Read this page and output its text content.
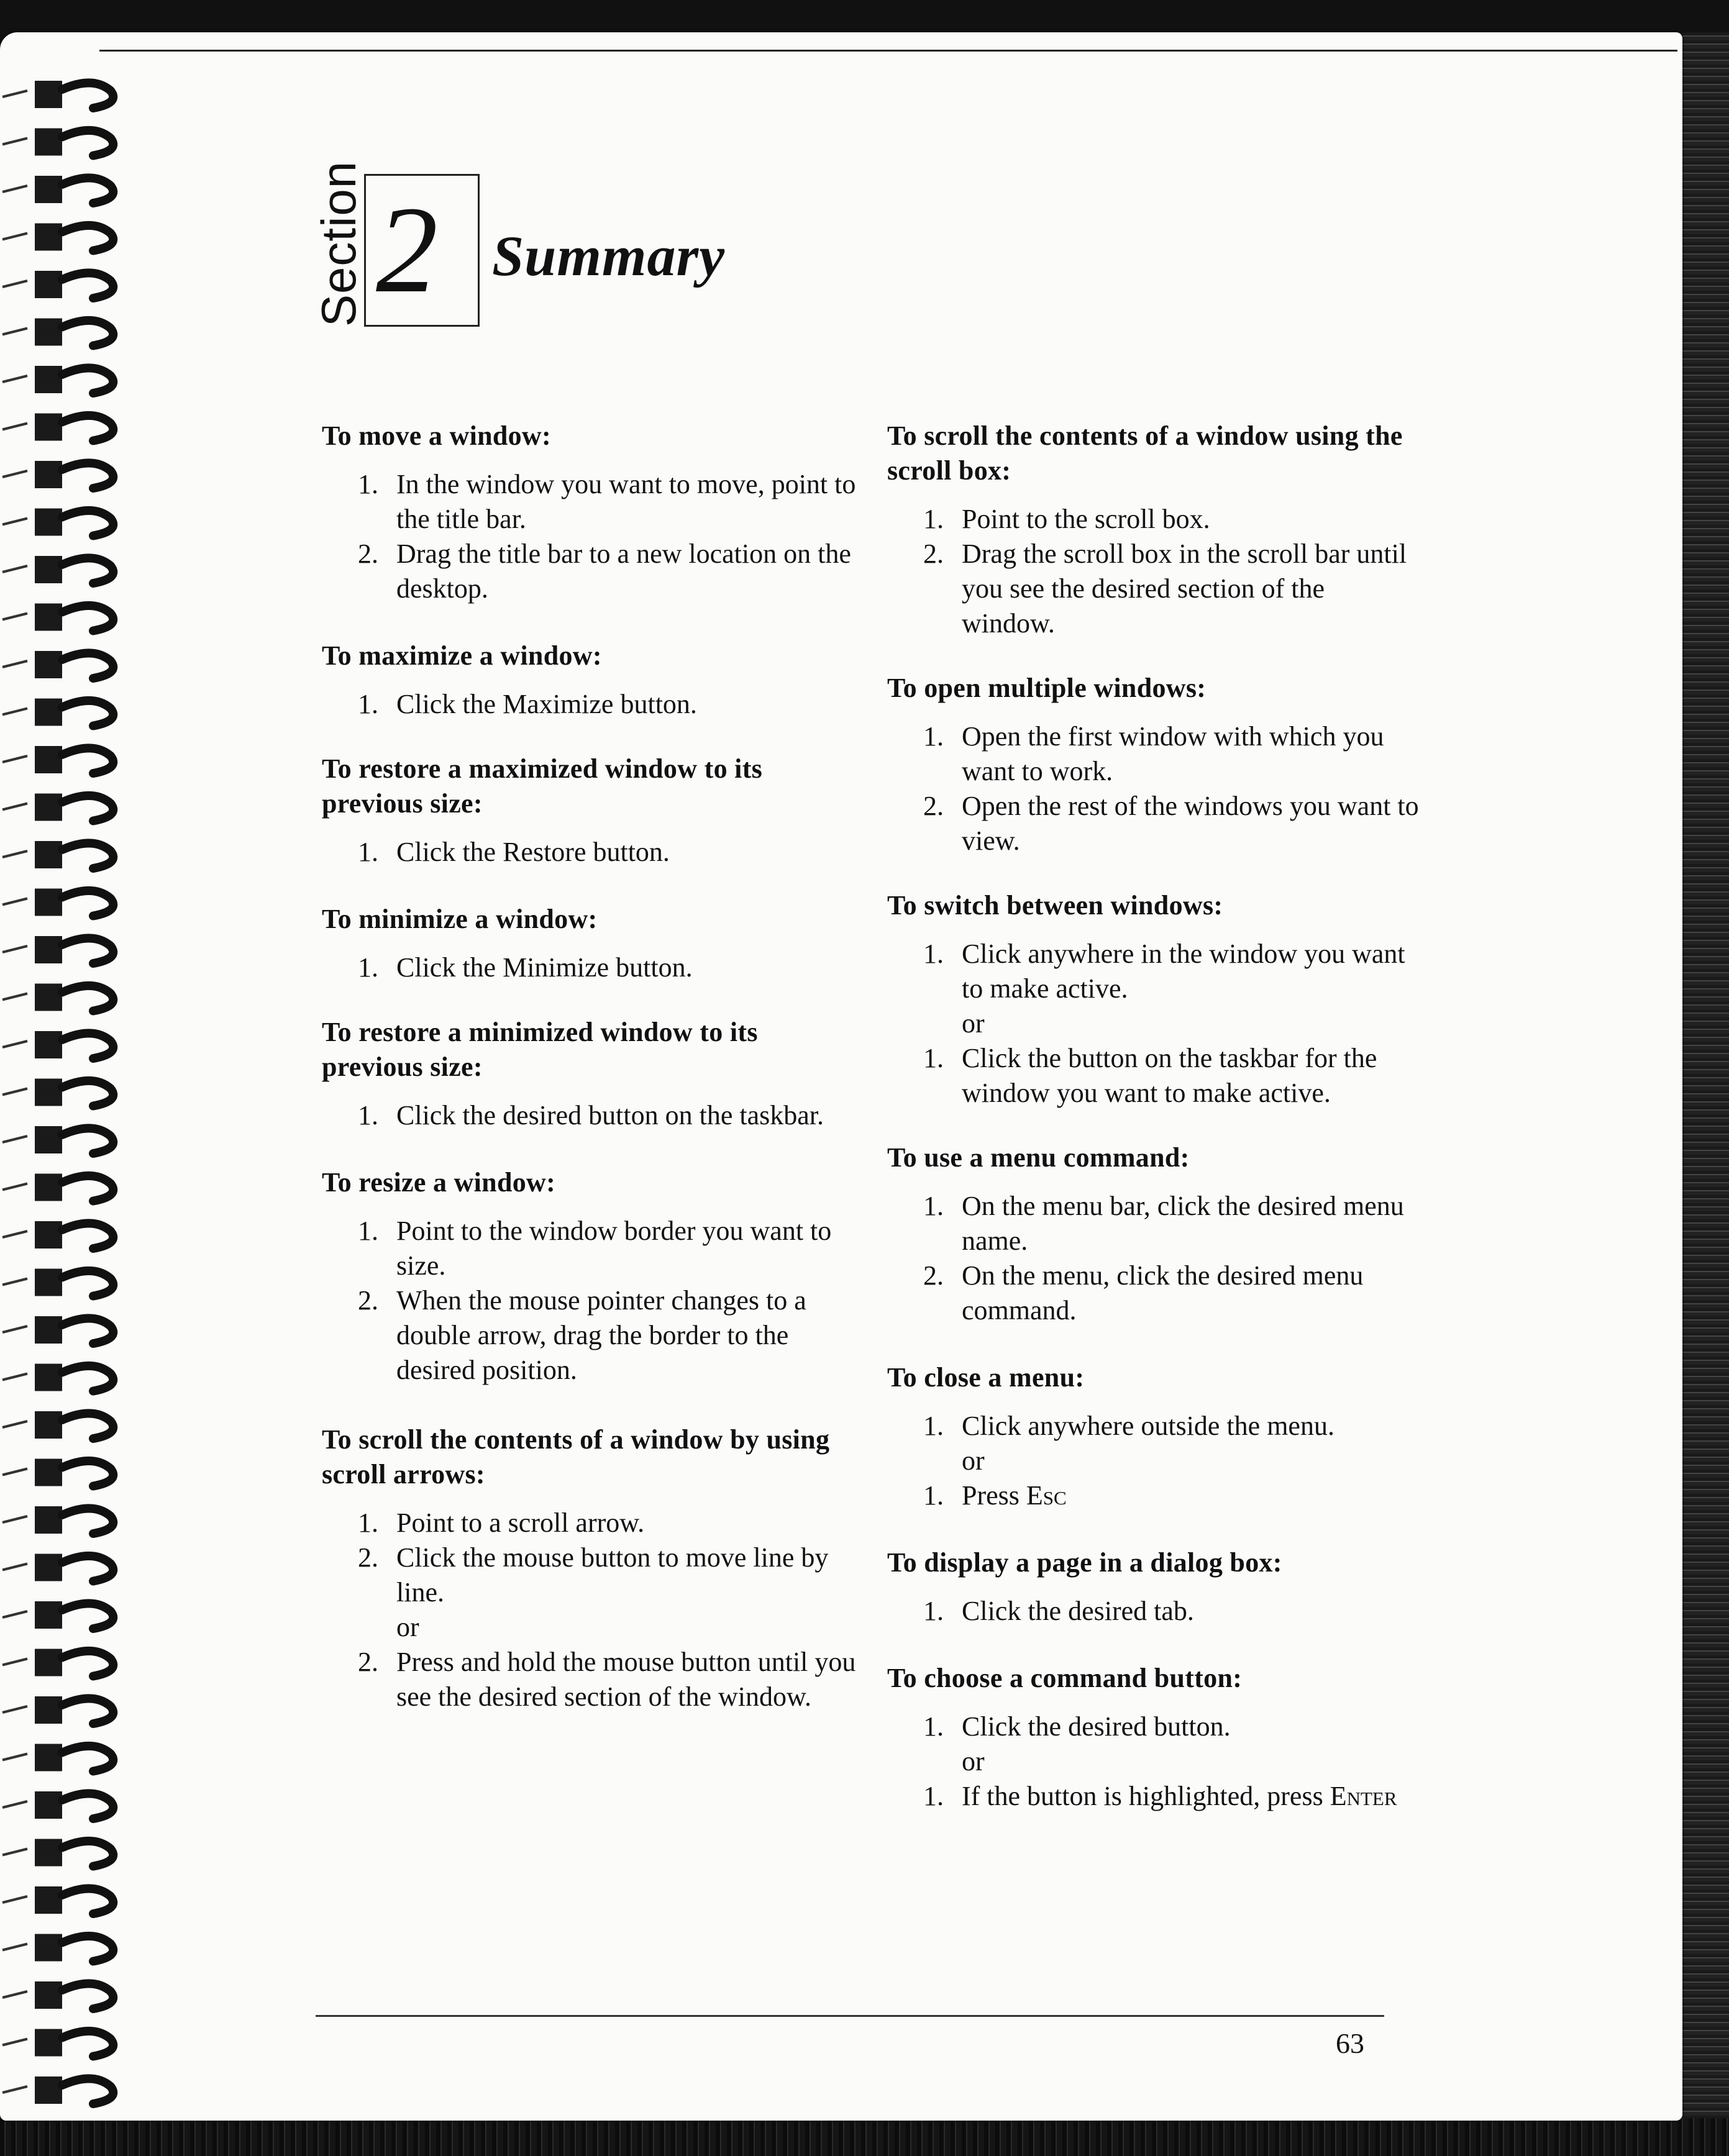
Section 2 Summary
To move a window:
1. In the window you want to move, point to the title bar.
2. Drag the title bar to a new location on the desktop.
To maximize a window:
1. Click the Maximize button.
To restore a maximized window to its previous size:
1. Click the Restore button.
To minimize a window:
1. Click the Minimize button.
To restore a minimized window to its previous size:
1. Click the desired button on the taskbar.
To resize a window:
1. Point to the window border you want to size.
2. When the mouse pointer changes to a double arrow, drag the border to the desired position.
To scroll the contents of a window by using scroll arrows:
1. Point to a scroll arrow.
2. Click the mouse button to move line by line.
or
2. Press and hold the mouse button until you see the desired section of the window.
To scroll the contents of a window using the scroll box:
1. Point to the scroll box.
2. Drag the scroll box in the scroll bar until you see the desired section of the window.
To open multiple windows:
1. Open the first window with which you want to work.
2. Open the rest of the windows you want to view.
To switch between windows:
1. Click anywhere in the window you want to make active.
or
1. Click the button on the taskbar for the window you want to make active.
To use a menu command:
1. On the menu bar, click the desired menu name.
2. On the menu, click the desired menu command.
To close a menu:
1. Click anywhere outside the menu.
or
1. Press Esc
To display a page in a dialog box:
1. Click the desired tab.
To choose a command button:
1. Click the desired button.
or
1. If the button is highlighted, press Enter
63
